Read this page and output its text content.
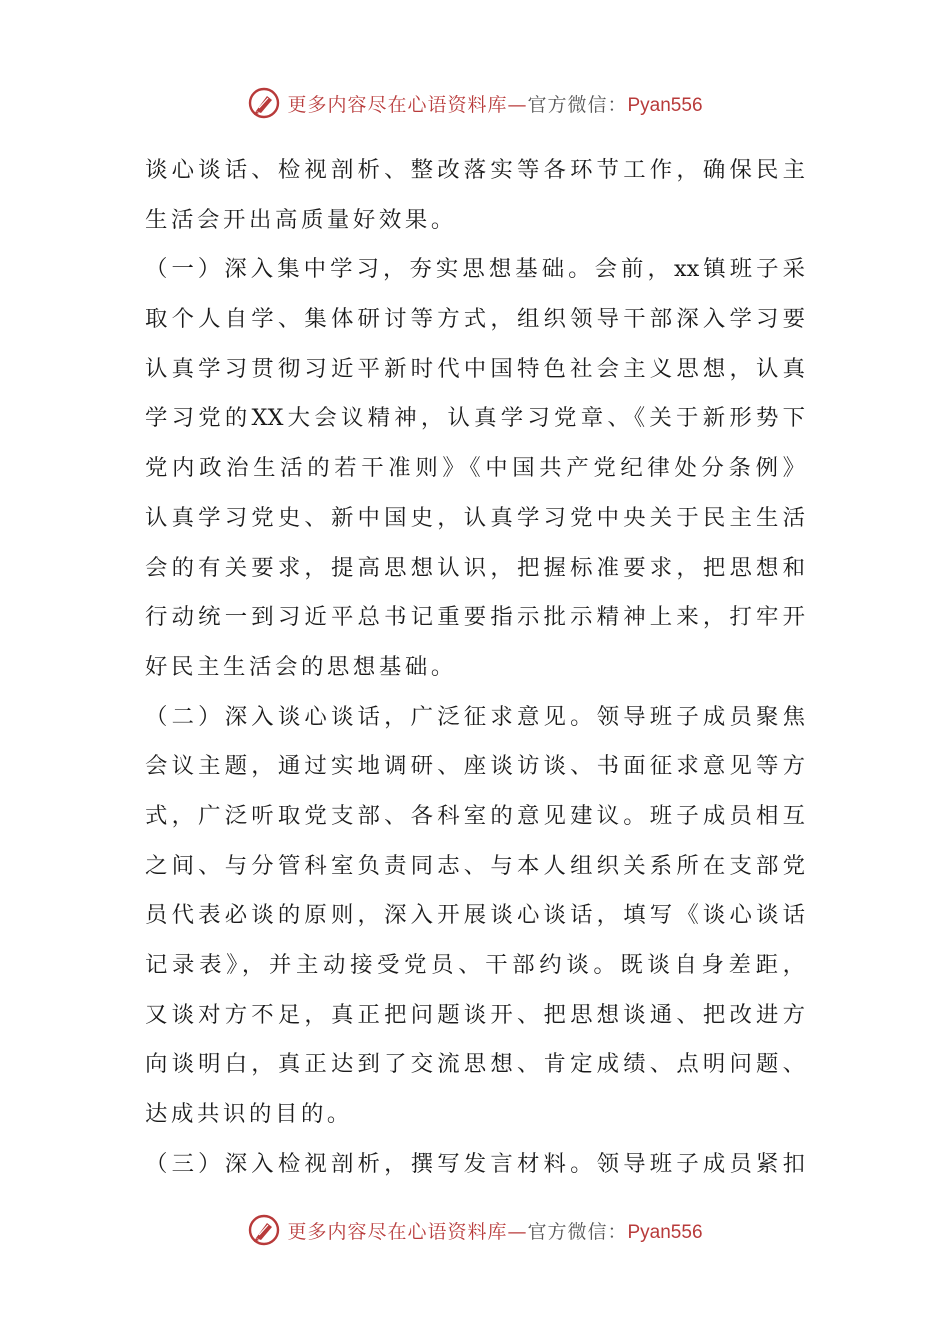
更多内容尽在心语资料库—官方微信：Pyan556
谈心谈话、检视剖析、整改落实等各环节工作，确保民主
生活会开出高质量好效果。
（一）深入集中学习，夯实思想基础。会前，xx镇班子采
取个人自学、集体研讨等方式，组织领导干部深入学习要
认真学习贯彻习近平新时代中国特色社会主义思想，认真
学习党的XX大会议精神，认真学习党章、《关于新形势下
党内政治生活的若干准则》《中国共产党纪律处分条例》
认真学习党史、新中国史，认真学习党中央关于民主生活
会的有关要求，提高思想认识，把握标准要求，把思想和
行动统一到习近平总书记重要指示批示精神上来，打牢开
好民主生活会的思想基础。
（二）深入谈心谈话，广泛征求意见。领导班子成员聚焦
会议主题，通过实地调研、座谈访谈、书面征求意见等方
式，广泛听取党支部、各科室的意见建议。班子成员相互
之间、与分管科室负责同志、与本人组织关系所在支部党
员代表必谈的原则，深入开展谈心谈话，填写《谈心谈话
记录表》，并主动接受党员、干部约谈。既谈自身差距，
又谈对方不足，真正把问题谈开、把思想谈通、把改进方
向谈明白，真正达到了交流思想、肯定成绩、点明问题、
达成共识的目的。
（三）深入检视剖析，撰写发言材料。领导班子成员紧扣
更多内容尽在心语资料库—官方微信：Pyan556
